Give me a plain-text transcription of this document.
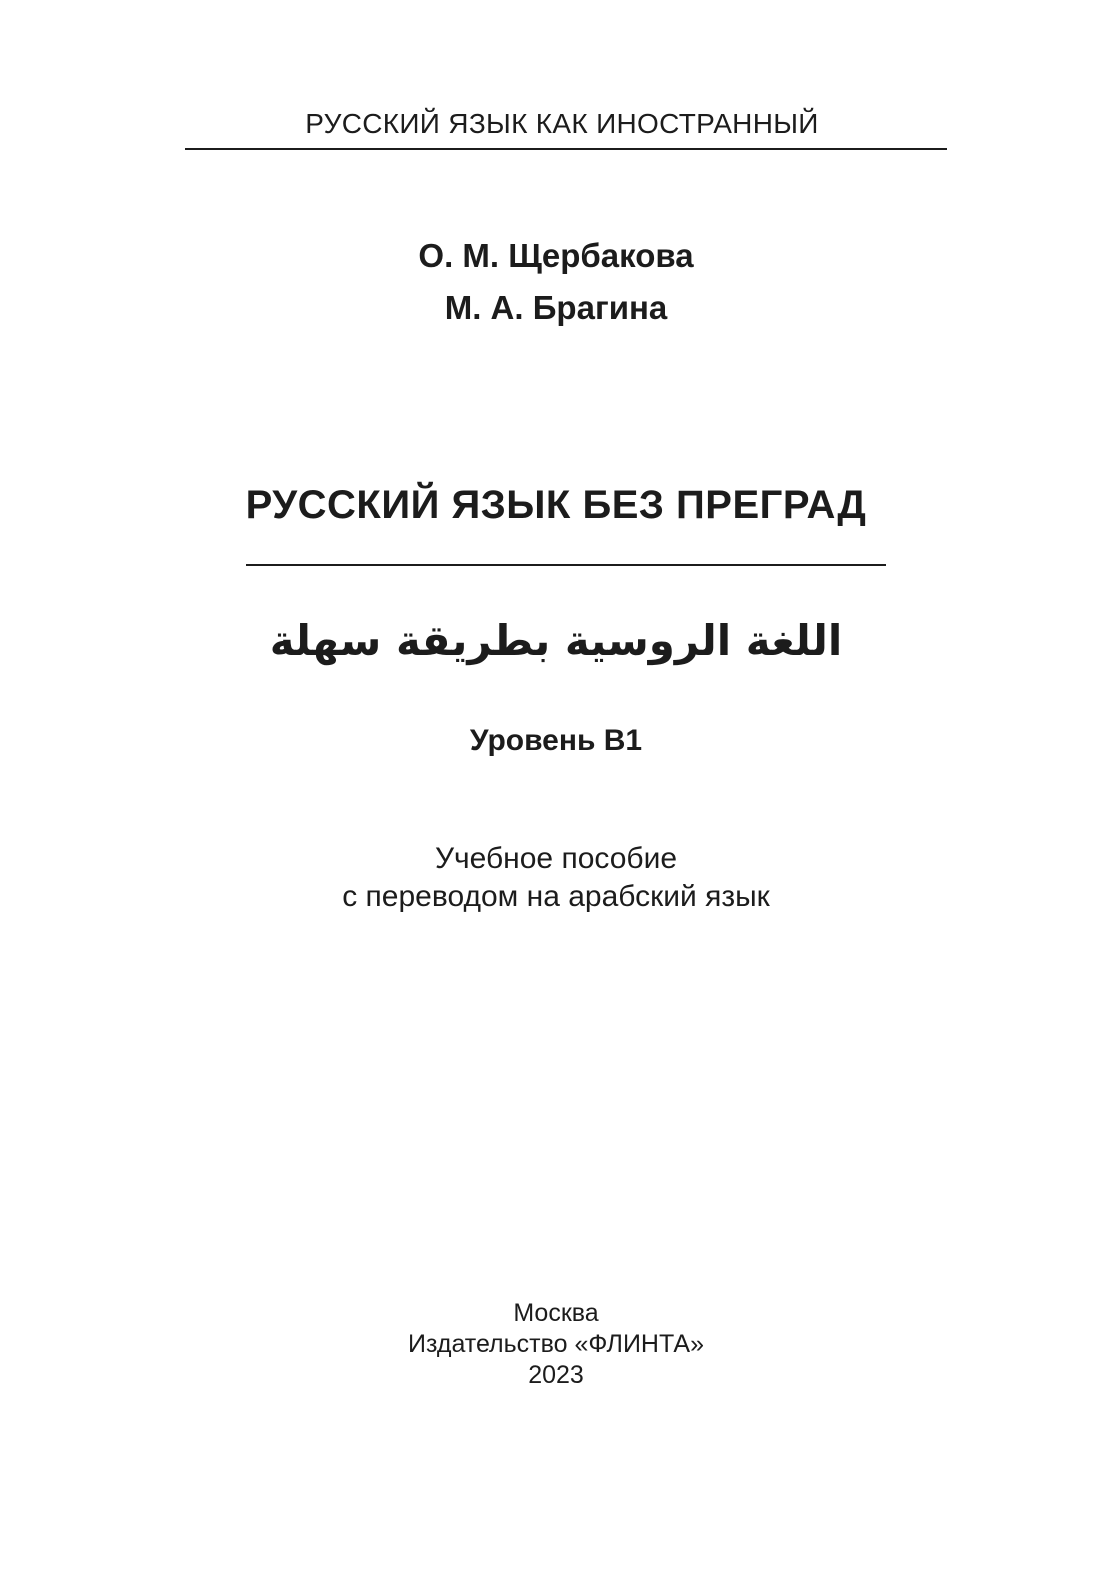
РУССКИЙ ЯЗЫК КАК ИНОСТРАННЫЙ
О. М. Щербакова
М. А. Брагина
РУССКИЙ ЯЗЫК БЕЗ ПРЕГРАД
اللغة الروسية بطريقة سهلة
Уровень В1
Учебное пособие
с переводом на арабский язык
Москва
Издательство «ФЛИНТА»
2023
